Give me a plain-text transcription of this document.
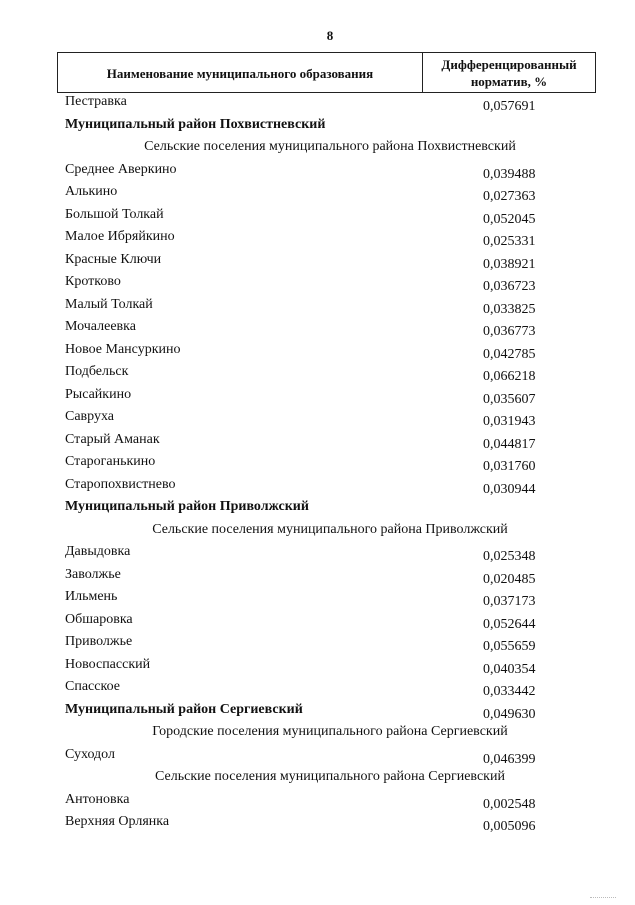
8
Наименование муниципального образования
Дифференцированный
норматив, %
Пестравка	0,057691
Муниципальный район Похвистневский
Сельские поселения муниципального района Похвистневский
Среднее Аверкино	0,039488
Алькино	0,027363
Большой Толкай	0,052045
Малое Ибряйкино	0,025331
Красные Ключи	0,038921
Кротково	0,036723
Малый Толкай	0,033825
Мочалеевка	0,036773
Новое Мансуркино	0,042785
Подбельск	0,066218
Рысайкино	0,035607
Савруха	0,031943
Старый Аманак	0,044817
Староганькино	0,031760
Старопохвистнево	0,030944
Муниципальный район Приволжский
Сельские поселения муниципального района Приволжский
Давыдовка	0,025348
Заволжье	0,020485
Ильмень	0,037173
Обшаровка	0,052644
Приволжье	0,055659
Новоспасский	0,040354
Спасское	0,033442
Муниципальный район Сергиевский	0,049630
Городские поселения муниципального района Сергиевский
Суходол	0,046399
Сельские поселения муниципального района Сергиевский
Антоновка	0,002548
Верхняя Орлянка	0,005096
